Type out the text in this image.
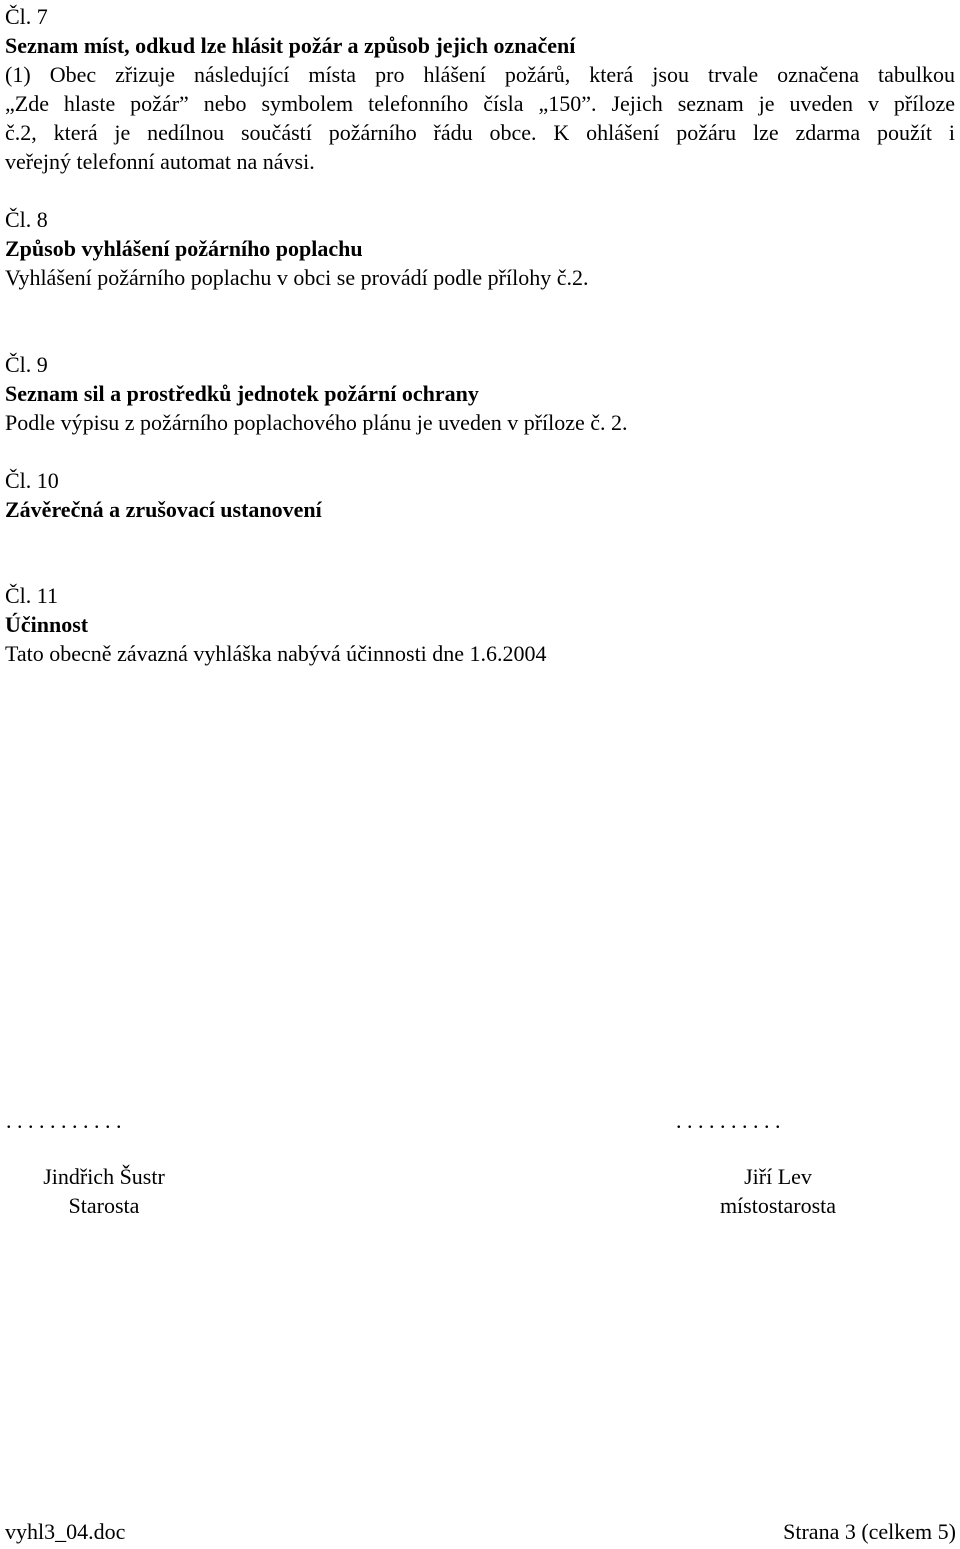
Čl. 7
Seznam míst, odkud lze hlásit požár a způsob jejich označení
(1) Obec zřizuje následující místa pro hlášení požárů, která jsou trvale označena tabulkou
„Zde hlaste požár” nebo symbolem telefonního čísla „150”. Jejich seznam je uveden v příloze
č.2, která je nedílnou součástí požárního řádu obce. K ohlášení požáru lze zdarma použít i
veřejný telefonní automat na návsi.
Čl. 8
Způsob vyhlášení požárního poplachu
Vyhlášení požárního poplachu v obci se provádí podle přílohy č.2.
Čl. 9
Seznam sil a prostředků jednotek požární ochrany
Podle výpisu z požárního poplachového plánu je uveden v příloze č. 2.
Čl. 10
Závěrečná a zrušovací ustanovení
Čl. 11
Účinnost
Tato obecně závazná vyhláška nabývá účinnosti dne 1.6.2004
. . . . . . . . . . .	. . . . . . . . . .
Jindřich Šustr
Starosta
Jiří Lev
místostarosta
vyhl3_04.doc	Strana 3 (celkem 5)
